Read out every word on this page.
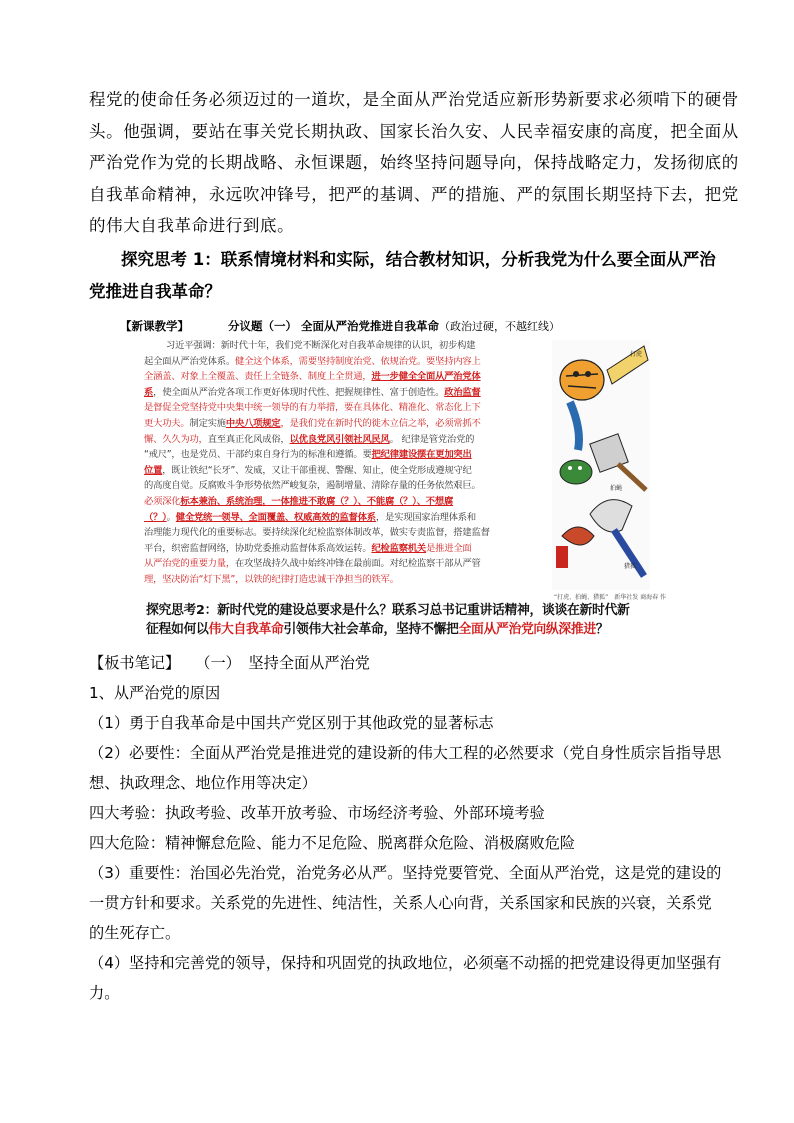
程党的使命任务必须迈过的一道坎，是全面从严治党适应新形势新要求必须啃下的硬骨
头。他强调，要站在事关党长期执政、国家长治久安、人民幸福安康的高度，把全面从
严治党作为党的长期战略、永恒课题，始终坚持问题导向，保持战略定力，发扬彻底的
自我革命精神，永远吹冲锋号，把严的基调、严的措施、严的氛围长期坚持下去，把党
的伟大自我革命进行到底。
探究思考 1：联系情境材料和实际，结合教材知识，分析我党为什么要全面从严治
党推进自我革命？
【新课教学】	分议题（一） 全面从严治党推进自我革命（政治过硬，不越红线）
习近平强调：新时代十年，我们党不断深化对自我革命规律的认识，初步构建
起全面从严治党体系。健全这个体系，需要坚持制度治党、依规治党。要坚持内容上
全涵盖、对象上全覆盖、责任上全链条、制度上全贯通，进一步健全全面从严治党体
系，使全面从严治党各项工作更好体现时代性、把握规律性、富于创造性。政治监督
是督促全党坚持党中央集中统一领导的有力举措，要在具体化、精准化、常态化上下
更大功夫。制定实施中央八项规定，是我们党在新时代的徙木立信之举，必须常抓不
懈、久久为功，直至真正化风成俗，以优良党风引领社风民风。 纪律是管党治党的
“戒尺”，也是党员、干部约束自身行为的标准和遵循。要把纪律建设摆在更加突出
位置，既让铁纪“长牙”、发威，又让干部重视、警醒、知止，使全党形成遵规守纪
的高度自觉。反腐败斗争形势依然严峻复杂，遏制增量、清除存量的任务依然艰巨。
必须深化标本兼治、系统治理，一体推进不敢腐（？）、不能腐（？）、不想腐
（？）。健全党统一领导、全面覆盖、权威高效的监督体系，是实现国家治理体系和
治理能力现代化的重要标志。要持续深化纪检监察体制改革，做实专责监督，搭建监督
平台，织密监督网络，协助党委推动监督体系高效运转。纪检监察机关是推进全面
从严治党的重要力量，在攻坚战持久战中始终冲锋在最前面。对纪检监察干部从严管
理，坚决防治“灯下黑”，以铁的纪律打造忠诚干净担当的铁军。
打虎
拍蝇
猎狐
“打虎、拍蝇、猎狐”　新华社发 商海春 作
探究思考2：新时代党的建设总要求是什么？联系习总书记重讲话精神，谈谈在新时代新
征程如何以伟大自我革命引领伟大社会革命，坚持不懈把全面从严治党向纵深推进？
【板书笔记】　　（一）　坚持全面从严治党
1、从严治党的原因
（1）勇于自我革命是中国共产党区别于其他政党的显著标志
（2）必要性：全面从严治党是推进党的建设新的伟大工程的必然要求（党自身性质宗旨指导思
想、执政理念、地位作用等决定）
四大考验：执政考验、改革开放考验、市场经济考验、外部环境考验
四大危险：精神懈怠危险、能力不足危险、脱离群众危险、消极腐败危险
（3）重要性：治国必先治党，治党务必从严。坚持党要管党、全面从严治党，这是党的建设的
一贯方针和要求。关系党的先进性、纯洁性，关系人心向背，关系国家和民族的兴衰，关系党
的生死存亡。
（4）坚持和完善党的领导，保持和巩固党的执政地位，必须毫不动摇的把党建设得更加坚强有
力。
